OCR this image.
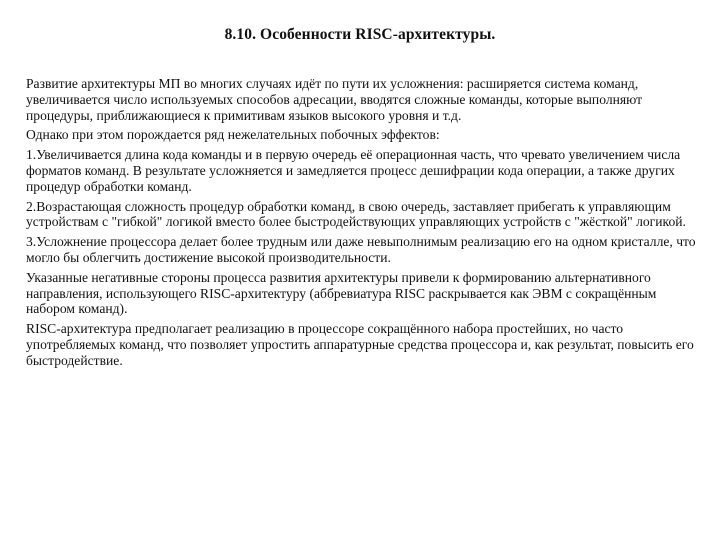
8.10. Особенности RISC-архитектуры.

Развитие архитектуры МП во многих случаях идёт по пути их усложнения: расширяется система команд, увеличивается число используемых способов адресации, вводятся сложные команды, которые выполняют процедуры, приближающиеся к примитивам языков высокого уровня и т.д.

Однако при этом порождается ряд нежелательных побочных эффектов:

1.Увеличивается длина кода команды и в первую очередь её операционная часть, что чревато увеличением числа форматов команд. В результате усложняется и замедляется процесс дешифрации кода операции, а также других процедур обработки команд.

2.Возрастающая сложность процедур обработки команд, в свою очередь, заставляет прибегать к управляющим устройствам с "гибкой" логикой вместо более быстродействующих управляющих устройств с "жёсткой" логикой.

3.Усложнение процессора делает более трудным или даже невыполнимым реализацию его на одном кристалле, что могло бы облегчить достижение высокой производительности.

Указанные негативные стороны процесса развития архитектуры привели к формированию альтернативного направления, использующего RISC-архитектуру (аббревиатура RISC раскрывается как ЭВМ с сокращённым набором команд).

RISC-архитектура предполагает реализацию в процессоре сокращённого набора простейших, но часто употребляемых команд, что позволяет упростить аппаратурные средства процессора и, как результат, повысить его быстродействие.
